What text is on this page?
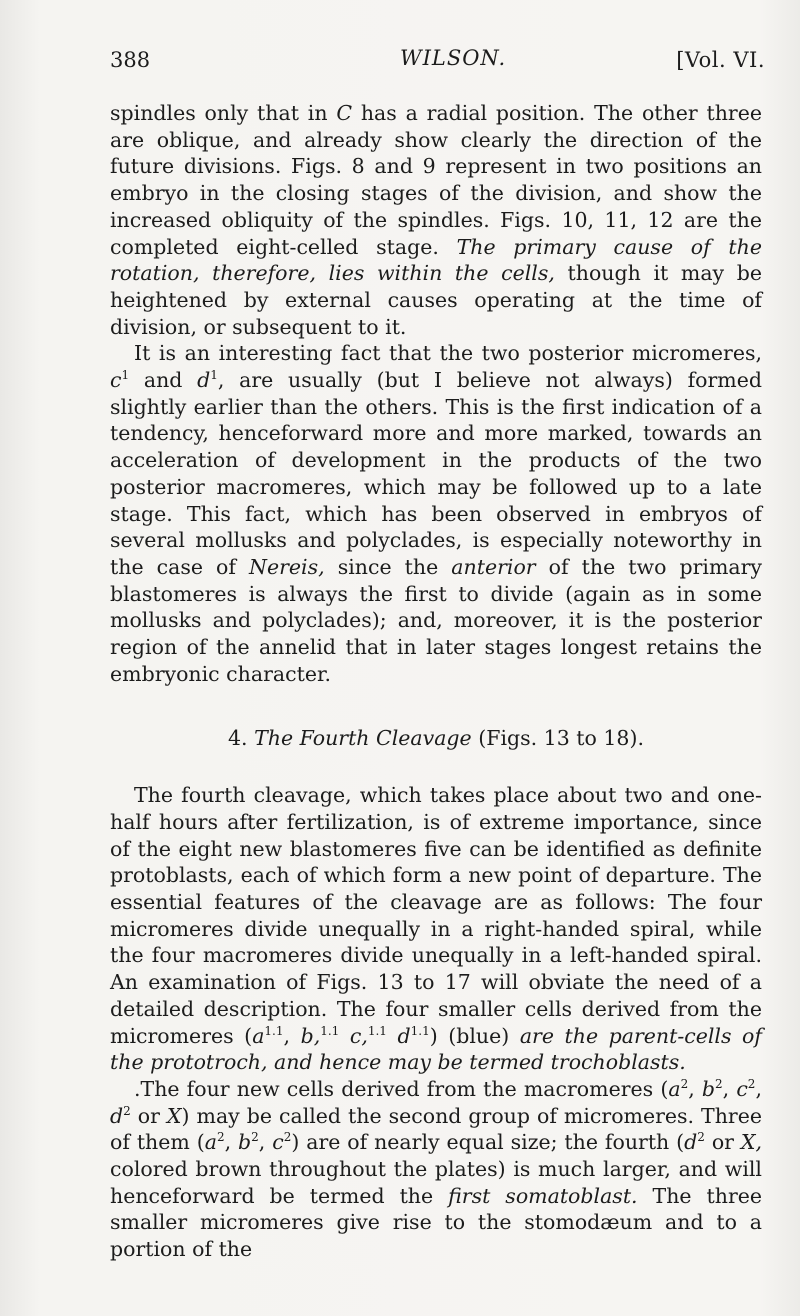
388	WILSON.	[Vol. VI.

spindles only that in C has a radial position. The other three are oblique, and already show clearly the direction of the future divisions. Figs. 8 and 9 represent in two positions an embryo in the closing stages of the division, and show the increased obliquity of the spindles. Figs. 10, 11, 12 are the completed eight-celled stage. The primary cause of the rotation, therefore, lies within the cells, though it may be heightened by external causes operating at the time of division, or subsequent to it.

It is an interesting fact that the two posterior micromeres, $c^1$ and $d^1$, are usually (but I believe not always) formed slightly earlier than the others. This is the first indication of a tendency, henceforward more and more marked, towards an acceleration of development in the products of the two posterior macromeres, which may be followed up to a late stage. This fact, which has been observed in embryos of several mollusks and polyclades, is especially noteworthy in the case of Nereis, since the anterior of the two primary blastomeres is always the first to divide (again as in some mollusks and polyclades); and, moreover, it is the posterior region of the annelid that in later stages longest retains the embryonic character.

4. The Fourth Cleavage (Figs. 13 to 18).

The fourth cleavage, which takes place about two and one-half hours after fertilization, is of extreme importance, since of the eight new blastomeres five can be identified as definite protoblasts, each of which form a new point of departure. The essential features of the cleavage are as follows: The four micromeres divide unequally in a right-handed spiral, while the four macromeres divide unequally in a left-handed spiral. An examination of Figs. 13 to 17 will obviate the need of a detailed description. The four smaller cells derived from the micromeres ($a^{1.1}$, b,$^{1.1}$ c,$^{1.1}$ $d^{1.1}$) (blue) are the parent-cells of the prototroch, and hence may be termed trochoblasts.

.The four new cells derived from the macromeres ($a^2$, $b^2$, $c^2$, $d^2$ or X) may be called the second group of micromeres. Three of them ($a^2$, $b^2$, $c^2$) are of nearly equal size; the fourth ($d^2$ or X, colored brown throughout the plates) is much larger, and will henceforward be termed the first somatoblast. The three smaller micromeres give rise to the stomodæum and to a portion of the
